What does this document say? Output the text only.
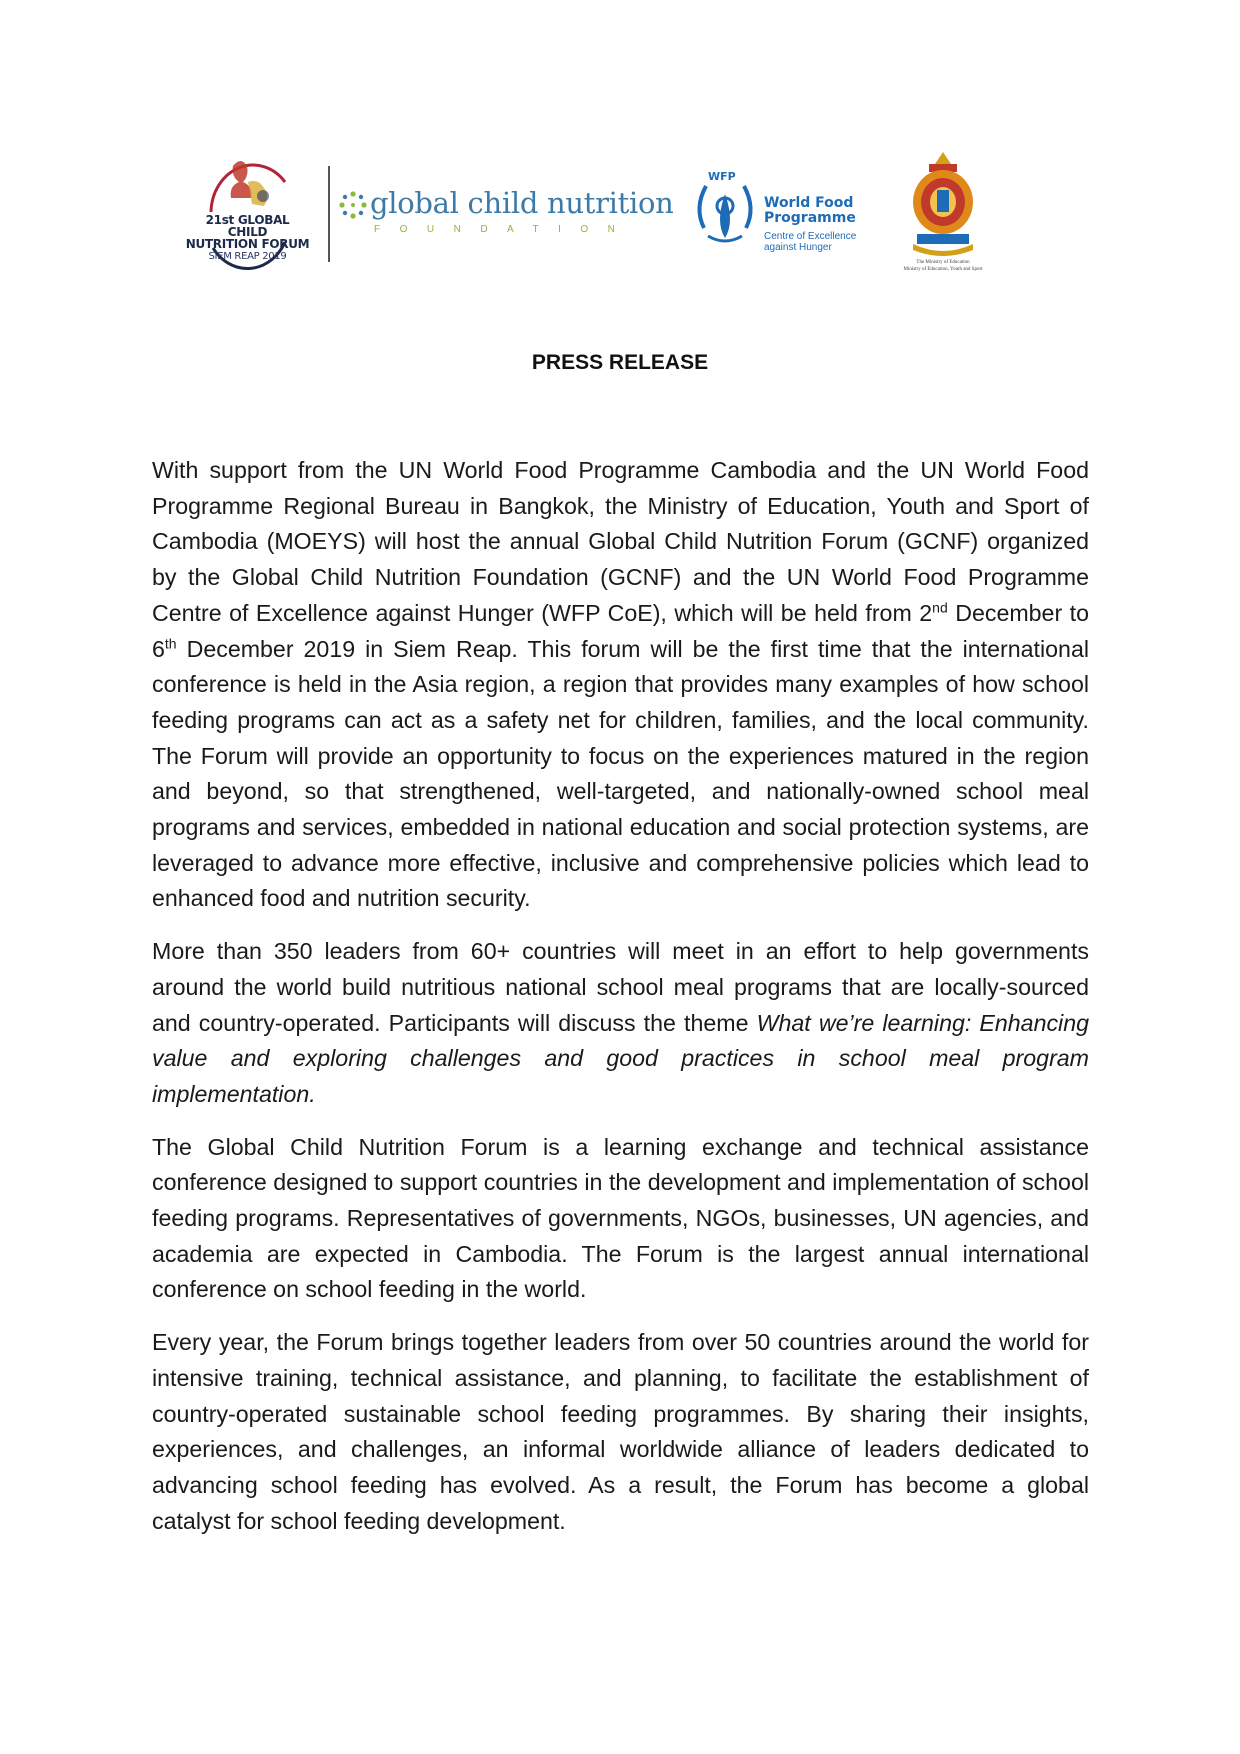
21st GLOBAL CHILD
NUTRITION FORUM
SIEM REAP 2019
global child nutrition
FOUNDATION
WFP
World Food
Programme
Centre of Excellence
against Hunger
The Ministry of Education
Ministry of Education, Youth and Sport
PRESS RELEASE

With support from the UN World Food Programme Cambodia and the UN World Food Programme Regional Bureau in Bangkok, the Ministry of Education, Youth and Sport of Cambodia (MOEYS) will host the annual Global Child Nutrition Forum (GCNF) organized by the Global Child Nutrition Foundation (GCNF) and the UN World Food Programme Centre of Excellence against Hunger (WFP CoE), which will be held from 2nd December to 6th December 2019 in Siem Reap. This forum will be the first time that the international conference is held in the Asia region, a region that provides many examples of how school feeding programs can act as a safety net for children, families, and the local community. The Forum will provide an opportunity to focus on the experiences matured in the region and beyond, so that strengthened, well-targeted, and nationally-owned school meal programs and services, embedded in national education and social protection systems, are leveraged to advance more effective, inclusive and comprehensive policies which lead to enhanced food and nutrition security.

More than 350 leaders from 60+ countries will meet in an effort to help governments around the world build nutritious national school meal programs that are locally-sourced and country-operated. Participants will discuss the theme What we’re learning: Enhancing value and exploring challenges and good practices in school meal program implementation.

The Global Child Nutrition Forum is a learning exchange and technical assistance conference designed to support countries in the development and implementation of school feeding programs. Representatives of governments, NGOs, businesses, UN agencies, and academia are expected in Cambodia. The Forum is the largest annual international conference on school feeding in the world.

Every year, the Forum brings together leaders from over 50 countries around the world for intensive training, technical assistance, and planning, to facilitate the establishment of country-operated sustainable school feeding programmes. By sharing their insights, experiences, and challenges, an informal worldwide alliance of leaders dedicated to advancing school feeding has evolved. As a result, the Forum has become a global catalyst for school feeding development.
